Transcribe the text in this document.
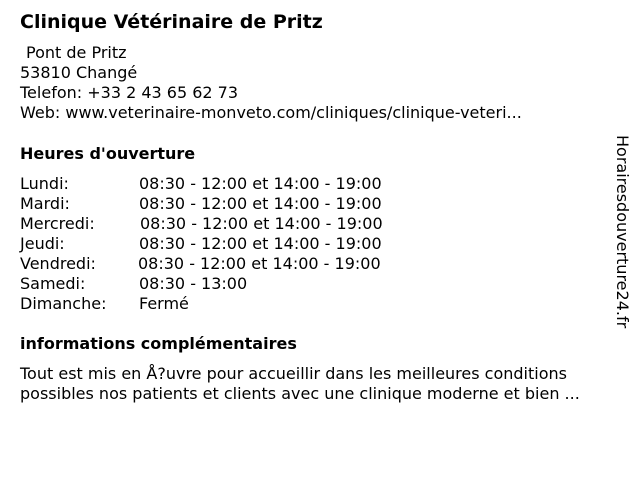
Clinique Vétérinaire de Pritz
Pont de Pritz
53810 Changé
Telefon: +33 2 43 65 62 73
Web: www.veterinaire-monveto.com/cliniques/clinique-veteri...
Heures d'ouverture
Lundi:	08:30 - 12:00 et 14:00 - 19:00
Mardi:	08:30 - 12:00 et 14:00 - 19:00
Mercredi:	08:30 - 12:00 et 14:00 - 19:00
Jeudi:	08:30 - 12:00 et 14:00 - 19:00
Vendredi:	08:30 - 12:00 et 14:00 - 19:00
Samedi:	08:30 - 13:00
Dimanche: Fermé
informations complémentaires
Tout est mis en Å?uvre pour accueillir dans les meilleures conditions
possibles nos patients et clients avec une clinique moderne et bien ...
Horairesdouverture24.fr
